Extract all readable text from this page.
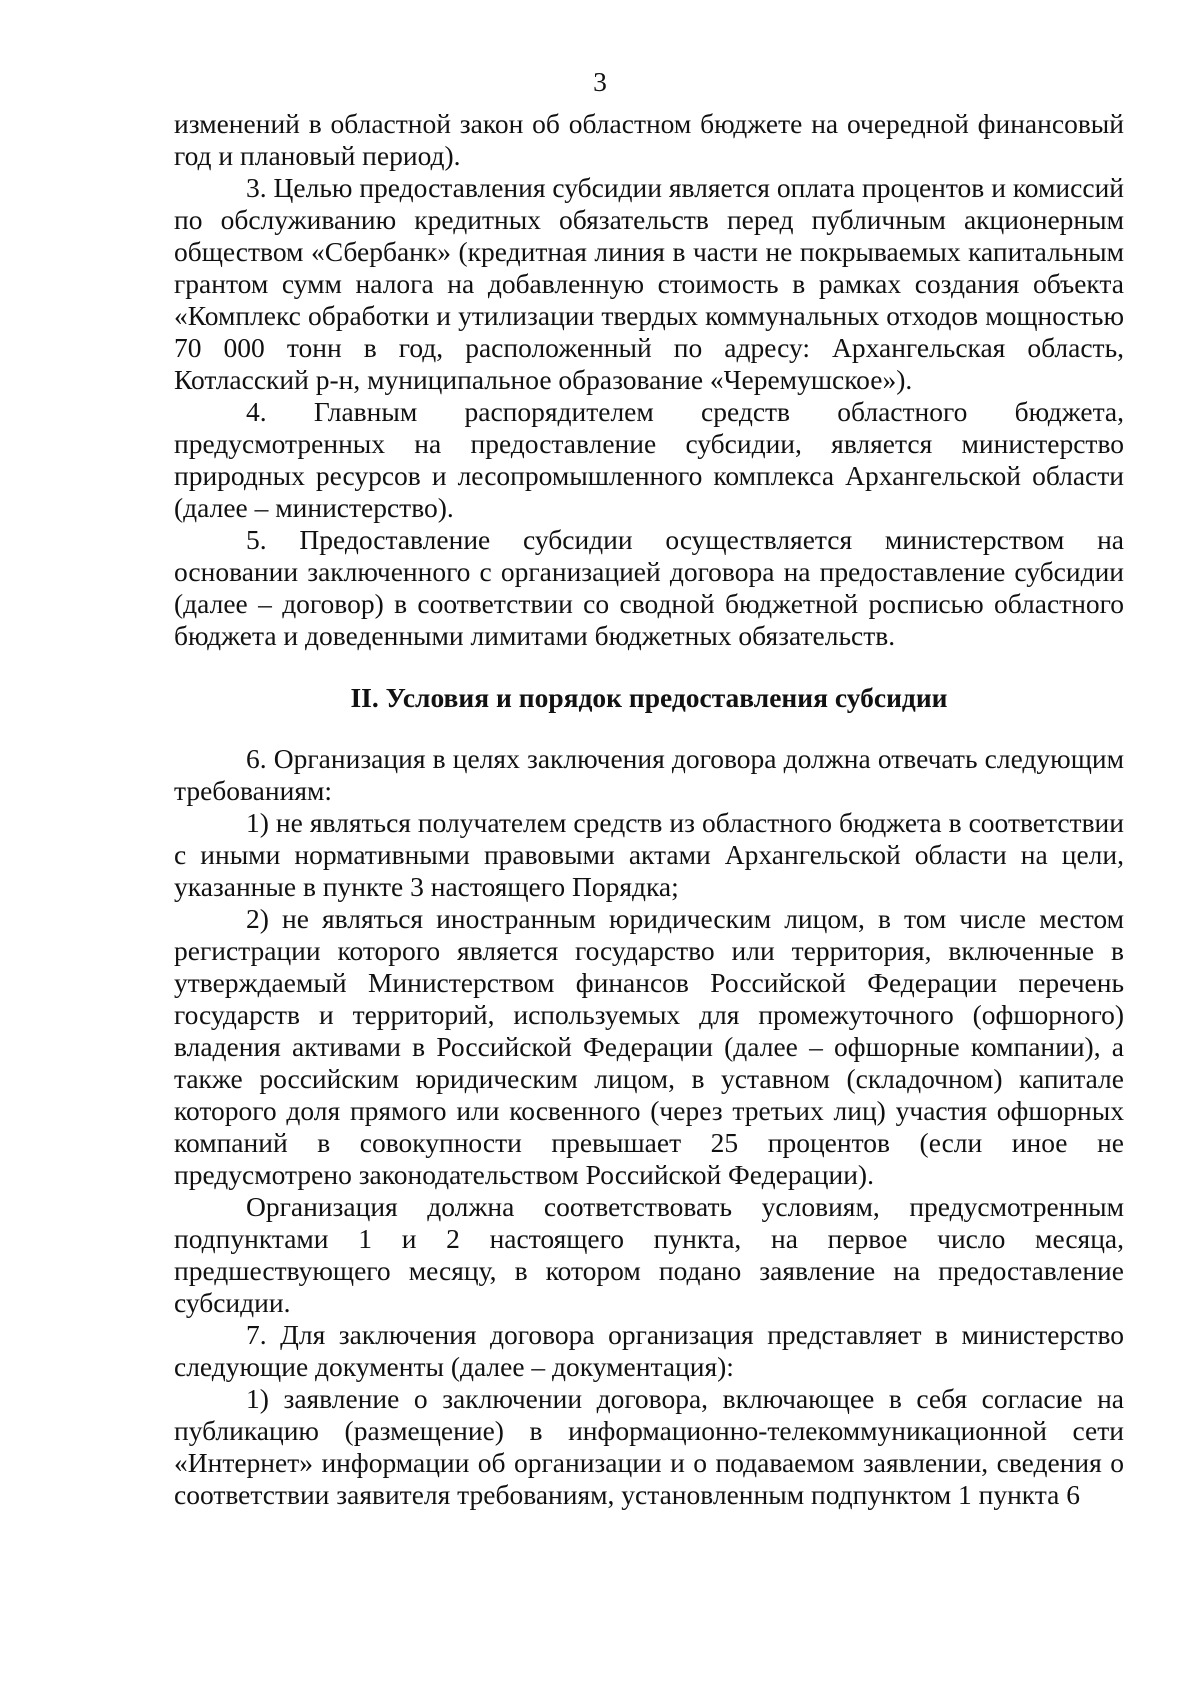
3

изменений в областной закон об областном бюджете на очередной финансовый год и плановый период).

3. Целью предоставления субсидии является оплата процентов и комиссий по обслуживанию кредитных обязательств перед публичным акционерным обществом «Сбербанк» (кредитная линия в части не покрываемых капитальным грантом сумм налога на добавленную стоимость в рамках создания объекта «Комплекс обработки и утилизации твердых коммунальных отходов мощностью 70 000 тонн в год, расположенный по адресу: Архангельская область, Котласский р-н, муниципальное образование «Черемушское»).

4. Главным распорядителем средств областного бюджета, предусмотренных на предоставление субсидии, является министерство природных ресурсов и лесопромышленного комплекса Архангельской области (далее – министерство).

5. Предоставление субсидии осуществляется министерством на основании заключенного с организацией договора на предоставление субсидии (далее – договор) в соответствии со сводной бюджетной росписью областного бюджета и доведенными лимитами бюджетных обязательств.

II. Условия и порядок предоставления субсидии

6. Организация в целях заключения договора должна отвечать следующим требованиям:

1) не являться получателем средств из областного бюджета в соответствии с иными нормативными правовыми актами Архангельской области на цели, указанные в пункте 3 настоящего Порядка;

2) не являться иностранным юридическим лицом, в том числе местом регистрации которого является государство или территория, включенные в утверждаемый Министерством финансов Российской Федерации перечень государств и территорий, используемых для промежуточного (офшорного) владения активами в Российской Федерации (далее – офшорные компании), а также российским юридическим лицом, в уставном (складочном) капитале которого доля прямого или косвенного (через третьих лиц) участия офшорных компаний в совокупности превышает 25 процентов (если иное не предусмотрено законодательством Российской Федерации).

Организация должна соответствовать условиям, предусмотренным подпунктами 1 и 2 настоящего пункта, на первое число месяца, предшествующего месяцу, в котором подано заявление на предоставление субсидии.

7. Для заключения договора организация представляет в министерство следующие документы (далее – документация):

1) заявление о заключении договора, включающее в себя согласие на публикацию (размещение) в информационно-телекоммуникационной сети «Интернет» информации об организации и о подаваемом заявлении, сведения о соответствии заявителя требованиям, установленным подпунктом 1 пункта 6
